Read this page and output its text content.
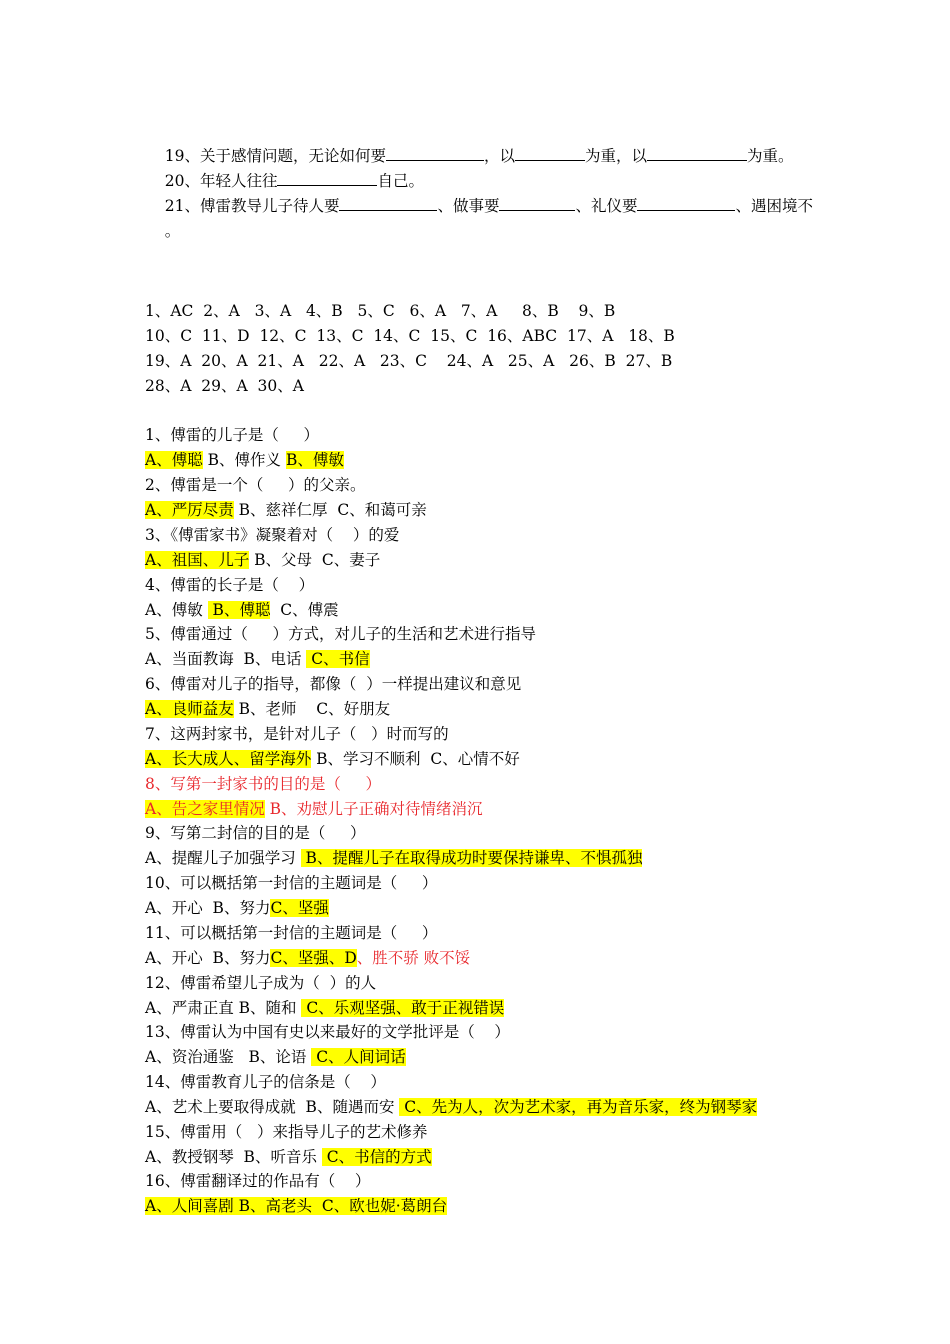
19、关于感情问题，无论如何要	，以	为重，以	为重。

20、年轻人往往	自己。

21、傅雷教导儿子待人要	、做事要	、礼仪要	、遇困境不

。

1、AC  2、A   3、A   4、B   5、C   6、A   7、A     8、B    9、B
10、C  11、D  12、C  13、C  14、C  15、C  16、ABC  17、A   18、B
19、A  20、A  21、A   22、A   23、C    24、A   25、A   26、B  27、B
28、A  29、A  30、A
1、傅雷的儿子是（     ）
A、傅聪 B、傅作义 B、傅敏
2、傅雷是一个（     ）的父亲。
A、严厉尽责 B、慈祥仁厚  C、和蔼可亲
3、《傅雷家书》凝聚着对（    ）的爱
A、祖国、儿子 B、父母  C、妻子
4、傅雷的长子是（    ）
A、傅敏  B、傅聪  C、傅震
5、傅雷通过（     ）方式，对儿子的生活和艺术进行指导
A、当面教诲  B、电话  C、书信
6、傅雷对儿子的指导，都像（  ）一样提出建议和意见
A、良师益友 B、老师    C、好朋友
7、这两封家书，是针对儿子（   ）时而写的
A、长大成人、留学海外 B、学习不顺利  C、心情不好
8、写第一封家书的目的是（     ）
A、告之家里情况 B、劝慰儿子正确对待情绪消沉
9、写第二封信的目的是（     ）
A、提醒儿子加强学习  B、提醒儿子在取得成功时要保持谦卑、不惧孤独
10、可以概括第一封信的主题词是（     ）
A、开心  B、努力C、坚强
11、可以概括第一封信的主题词是（     ）
A、开心  B、努力C、坚强、D、胜不骄 败不馁
12、傅雷希望儿子成为（  ）的人
A、严肃正直 B、随和  C、乐观坚强、敢于正视错误
13、傅雷认为中国有史以来最好的文学批评是（    ）
A、资治通鉴   B、论语  C、人间词话
14、傅雷教育儿子的信条是（    ）
A、艺术上要取得成就  B、随遇而安  C、先为人，次为艺术家，再为音乐家，终为钢琴家
15、傅雷用（   ）来指导儿子的艺术修养
A、教授钢琴  B、听音乐  C、书信的方式
16、傅雷翻译过的作品有（    ）
A、人间喜剧 B、高老头  C、欧也妮·葛朗台
